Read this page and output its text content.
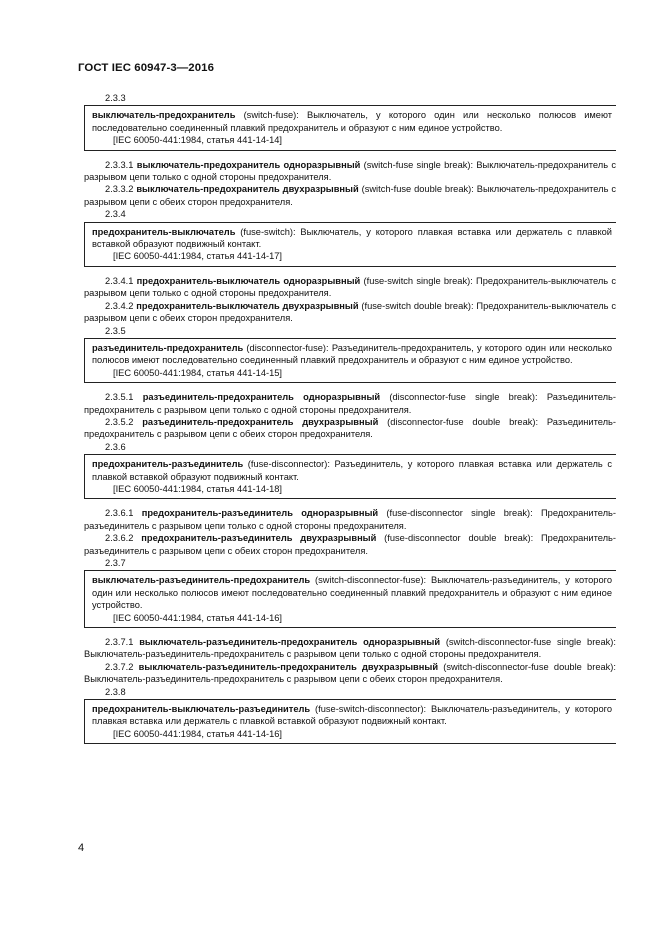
ГОСТ IEC 60947-3—2016
2.3.3

выключатель-предохранитель (switch-fuse): Выключатель, у которого один или несколько полюсов имеют последовательно соединенный плавкий предохранитель и образуют с ним единое устройство.

[IEC 60050-441:1984, статья 441-14-14]

2.3.3.1 выключатель-предохранитель одноразрывный (switch-fuse single break): Выключатель-предохранитель с разрывом цепи только с одной стороны предохранителя.

2.3.3.2 выключатель-предохранитель двухразрывный (switch-fuse double break): Выключатель-предохранитель с разрывом цепи с обеих сторон предохранителя.

2.3.4

предохранитель-выключатель (fuse-switch): Выключатель, у которого плавкая вставка или держатель с плавкой вставкой образуют подвижный контакт.

[IEC 60050-441:1984, статья 441-14-17]

2.3.4.1 предохранитель-выключатель одноразрывный (fuse-switch single break): Предохранитель-выключатель с разрывом цепи только с одной стороны предохранителя.

2.3.4.2 предохранитель-выключатель двухразрывный (fuse-switch double break): Предохранитель-выключатель с разрывом цепи с обеих сторон предохранителя.

2.3.5

разъединитель-предохранитель (disconnector-fuse): Разъединитель-предохранитель, у которого один или несколько полюсов имеют последовательно соединенный плавкий предохранитель и образуют с ним единое устройство.

[IEC 60050-441:1984, статья 441-14-15]

2.3.5.1 разъединитель-предохранитель одноразрывный (disconnector-fuse single break): Разъединитель-предохранитель с разрывом цепи только с одной стороны предохранителя.

2.3.5.2 разъединитель-предохранитель двухразрывный (disconnector-fuse double break): Разъединитель-предохранитель с разрывом цепи с обеих сторон предохранителя.

2.3.6

предохранитель-разъединитель (fuse-disconnector): Разъединитель, у которого плавкая вставка или держатель с плавкой вставкой образуют подвижный контакт.

[IEC 60050-441:1984, статья 441-14-18]

2.3.6.1 предохранитель-разъединитель одноразрывный (fuse-disconnector single break): Предохранитель-разъединитель с разрывом цепи только с одной стороны предохранителя.

2.3.6.2 предохранитель-разъединитель двухразрывный (fuse-disconnector double break): Предохранитель-разъединитель с разрывом цепи с обеих сторон предохранителя.

2.3.7

выключатель-разъединитель-предохранитель (switch-disconnector-fuse): Выключатель-разъединитель, у которого один или несколько полюсов имеют последовательно соединенный плавкий предохранитель и образуют с ним единое устройство.

[IEC 60050-441:1984, статья 441-14-16]

2.3.7.1 выключатель-разъединитель-предохранитель одноразрывный (switch-disconnector-fuse single break): Выключатель-разъединитель-предохранитель с разрывом цепи только с одной стороны предохранителя.

2.3.7.2 выключатель-разъединитель-предохранитель двухразрывный (switch-disconnector-fuse double break): Выключатель-разъединитель-предохранитель с разрывом цепи с обеих сторон предохранителя.

2.3.8

предохранитель-выключатель-разъединитель (fuse-switch-disconnector): Выключатель-разъединитель, у которого плавкая вставка или держатель с плавкой вставкой образуют подвижный контакт.

[IEC 60050-441:1984, статья 441-14-16]

4
